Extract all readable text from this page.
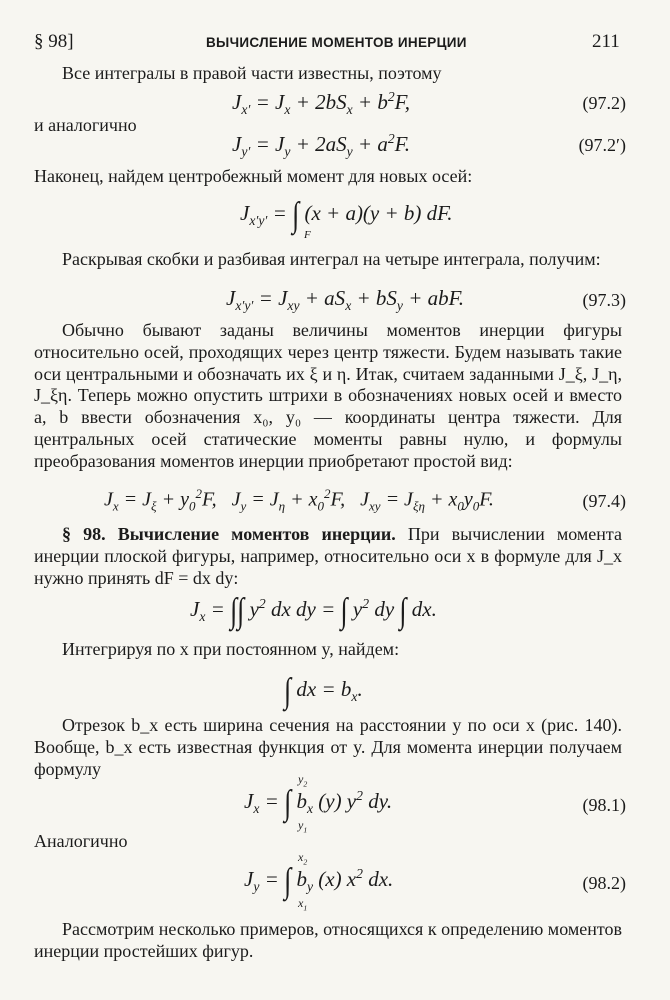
§ 98]	ВЫЧИСЛЕНИЕ МОМЕНТОВ ИНЕРЦИИ	211
Все интегралы в правой части известны, поэтому
$J_{x'} = J_x + 2bS_x + b^2F$,	(97.2)
и аналогично
$J_{y'} = J_y + 2aS_y + a^2F$.	(97.2′)
Наконец, найдем центробежный момент для новых осей:
$J_{x'y'}$ = ∫ (x + a)(y + b) dF.
F
Раскрывая скобки и разбивая интеграл на четыре интеграла, получим:
$J_{x'y'} = J_{xy} + aS_x + bS_y$ + abF.	(97.3)
Обычно бывают заданы величины моментов инерции фигуры относительно осей, проходящих через центр тяжести. Будем называть такие оси центральными и обозначать их ξ и η. Итак, считаем заданными J_ξ, J_η, J_ξη. Теперь можно опустить штрихи в обозначениях новых осей и вместо a, b ввести обозначения x₀, y₀ — координаты центра тяжести. Для центральных осей статические моменты равны нулю, и формулы преобразования моментов инерции приобретают простой вид:
$J_x = J_\xi + y_0^2F$,   $J_y = J_\eta + x_0^2F$,   $J_{xy} = J_{\xi\eta} + x_0y_0F$.	(97.4)
§ 98. Вычисление моментов инерции. При вычислении момента инерции плоской фигуры, например, относительно оси x в формуле для J_x нужно принять dF = dx dy:
$J_x$ = ∫∫ $y^2$ dx dy = ∫ $y^2$ dy ∫ dx.
Интегрируя по x при постоянном y, найдем:
∫ dx = $b_x$.
Отрезок b_x есть ширина сечения на расстоянии y по оси x (рис. 140). Вообще, b_x есть известная функция от y. Для момента инерции получаем формулу
$J_x$ = ∫ $b_x$ (y) $y^2$ dy.
$y_2$
$y_1$
(98.1)
Аналогично
$J_y$ = ∫ $b_y$ (x) $x^2$ dx.
$x_2$
$x_1$
(98.2)
Рассмотрим несколько примеров, относящихся к определению моментов инерции простейших фигур.
